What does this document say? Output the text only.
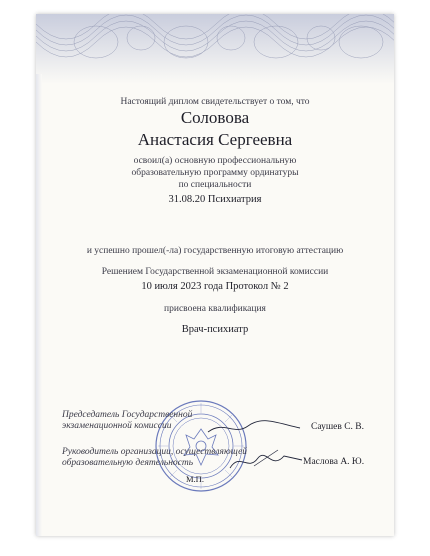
Настоящий диплом свидетельствует о том, что
Соловова
Анастасия Сергеевна
освоил(а) основную профессиональную
образовательную программу ординатуры
по специальности
31.08.20 Психиатрия
и успешно прошел(-ла) государственную итоговую аттестацию
Решением Государственной экзаменационной комиссии
10 июля 2023 года Протокол № 2
присвоена квалификация
Врач-психиатр
Председатель Государственной
экзаменационной комиссии	Саушев С. В.
Руководитель организации, осуществляющей
образовательную деятельность	Маслова А. Ю.
М.П.
